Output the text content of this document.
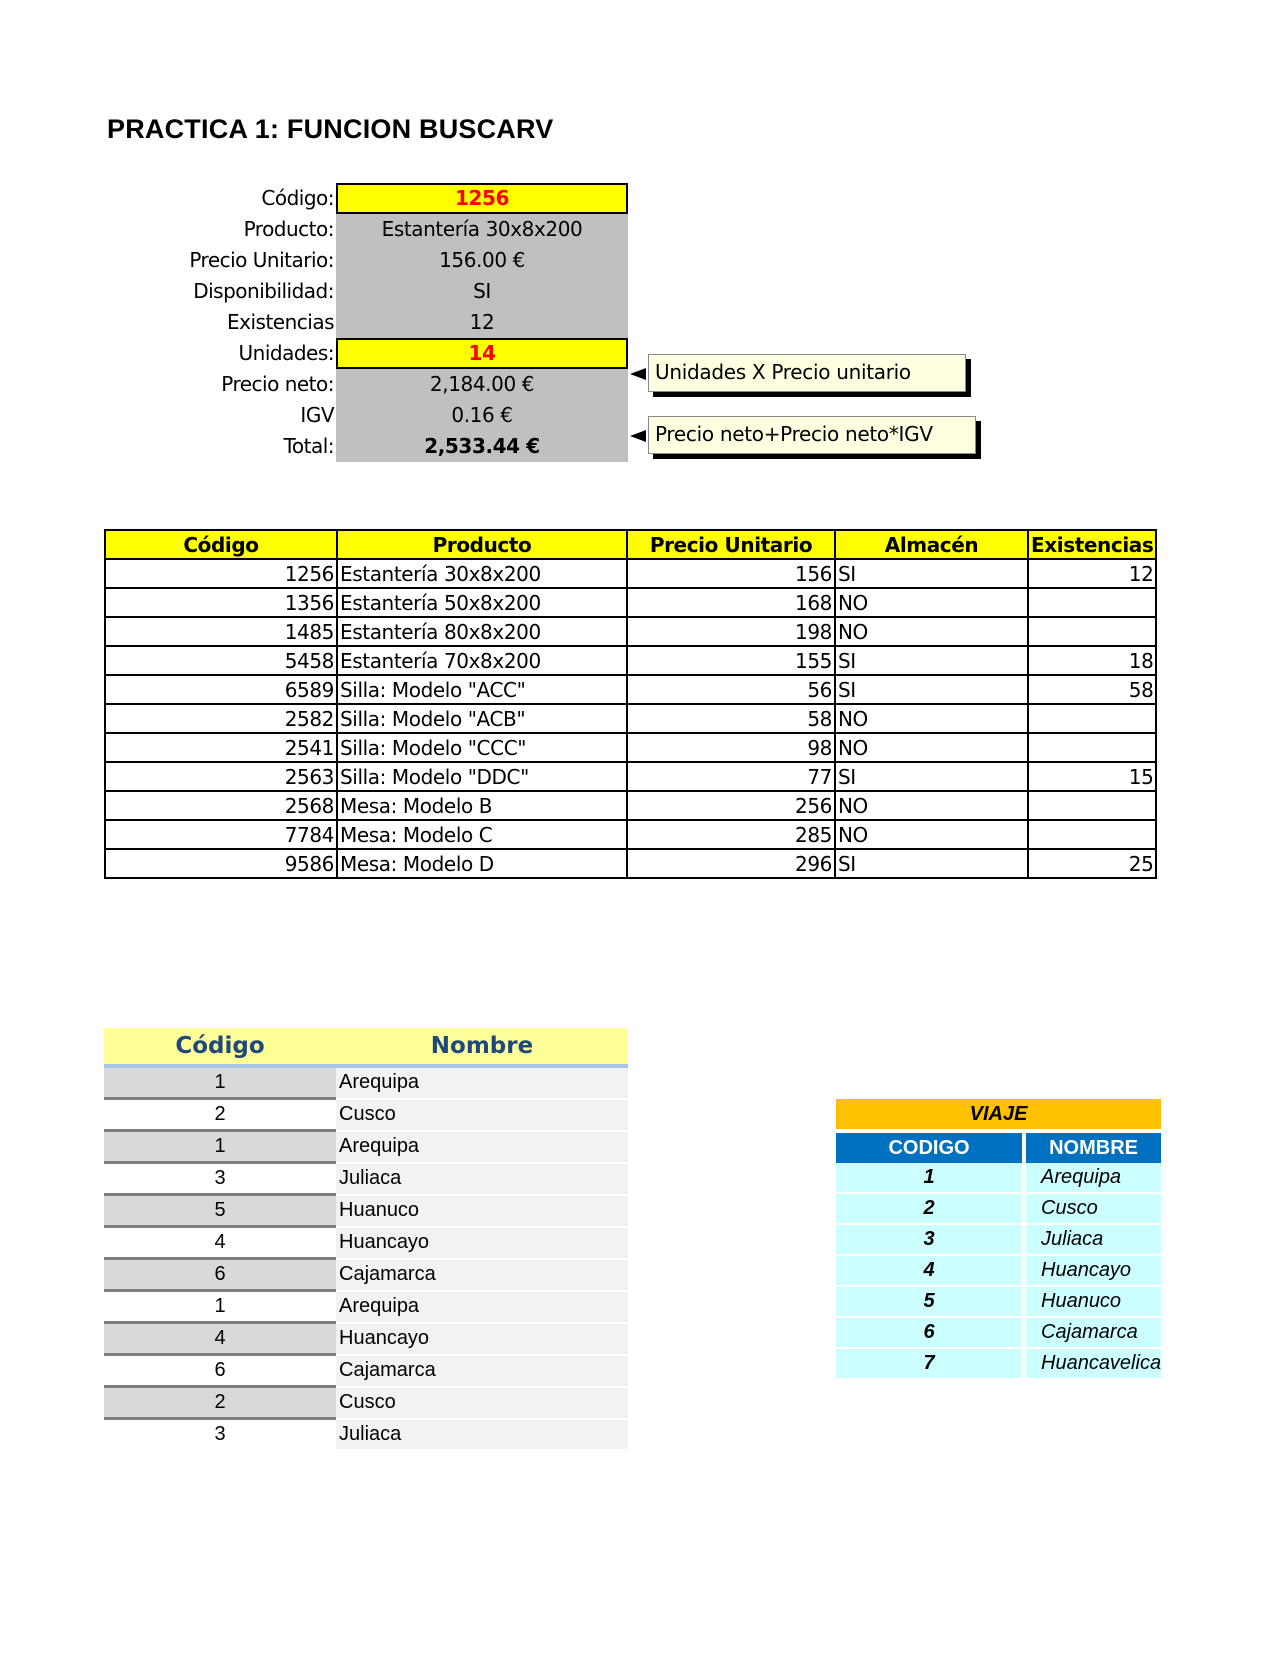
PRACTICA 1: FUNCION BUSCARV
Código:	1256
Producto:	Estantería 30x8x200
Precio Unitario:	156.00 €
Disponibilidad:	SI
Existencias	12
Unidades:	14
Precio neto:	2,184.00 €
IGV	0.16 €
Total:	2,533.44 €
Unidades X Precio unitario
Precio neto+Precio neto*IGV
Código	Producto	Precio Unitario	Almacén	Existencias
1256	Estantería 30x8x200	156	SI	12
1356	Estantería 50x8x200	168	NO	
1485	Estantería 80x8x200	198	NO	
5458	Estantería 70x8x200	155	SI	18
6589	Silla: Modelo "ACC"	56	SI	58
2582	Silla: Modelo "ACB"	58	NO	
2541	Silla: Modelo "CCC"	98	NO	
2563	Silla: Modelo "DDC"	77	SI	15
2568	Mesa: Modelo B	256	NO	
7784	Mesa: Modelo C	285	NO	
9586	Mesa: Modelo D	296	SI	25
Código	Nombre
1	Arequipa
2	Cusco
1	Arequipa
3	Juliaca
5	Huanuco
4	Huancayo
6	Cajamarca
1	Arequipa
4	Huancayo
6	Cajamarca
2	Cusco
3	Juliaca
VIAJE	
CODIGO	NOMBRE
1	Arequipa
2	Cusco
3	Juliaca
4	Huancayo
5	Huanuco
6	Cajamarca
7	Huancavelica
